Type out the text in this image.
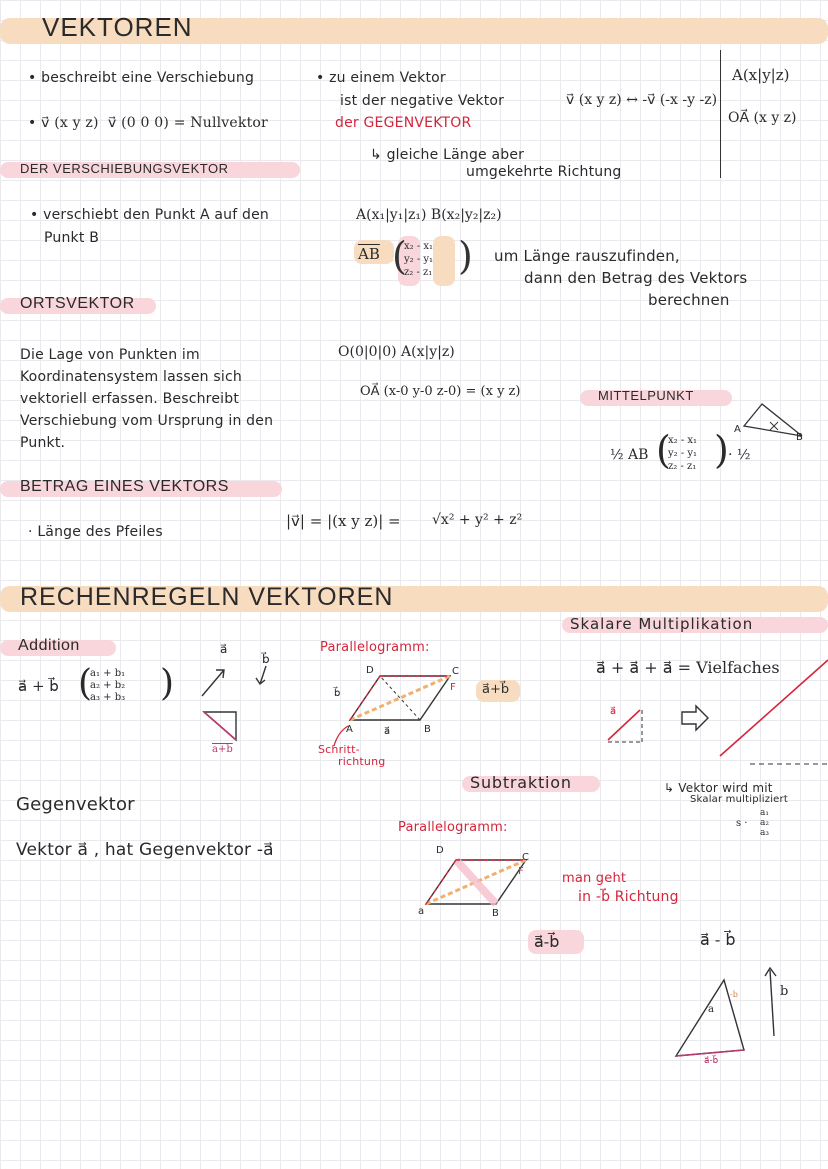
VEKTOREN
• beschreibt eine Verschiebung
• v⃗ (x y z) v⃗ (0 0 0) = Nullvektor
• zu einem Vektor
ist der negative Vektor
der GEGENVEKTOR
v⃗ (x y z) ↔ -v⃗ (-x -y -z)
↳ gleiche Länge aber
umgekehrte Richtung
A(x|y|z)
OA⃗ (x y z)
DER VERSCHIEBUNGSVEKTOR
• verschiebt den Punkt A auf den
Punkt B
A(x₁|y₁|z₁) B(x₂|y₂|z₂)
$\overline{AB}$ ( )
x₂ - x₁
y₂ - y₁
z₂ - z₁
um Länge rauszufinden,
dann den Betrag des Vektors
berechnen
ORTSVEKTOR
Die Lage von Punkten im
Koordinatensystem lassen sich
vektoriell erfassen. Beschreibt
Verschiebung vom Ursprung in den
Punkt.
O(0|0|0) A(x|y|z)
OA⃗ (x-0 y-0 z-0) = (x y z)	MITTELPUNKT
½ AB (
x₂ - x₁
y₂ - y₁
z₂ - z₁ ) · ½
A
B
BETRAG EINES VEKTORS
· Länge des Pfeiles
|v⃗| = |(x y z)| = √x² + y² + z²
RECHENREGELN VEKTOREN
Addition
a⃗ + b⃗ (
a₁ + b₁
a₂ + b₂
a₃ + b₃ )
a⃗
b⃗
a+b
Parallelogramm:
D	C
A	B
F
a⃗
b⃗	a⃗+b⃗
Schritt-
richtung
Skalare Multiplikation
a⃗ + a⃗ + a⃗ = Vielfaches
a⃗
↳ Vektor wird mit
Skalar multipliziert
s ·
a₁
a₂
a₃
Gegenvektor
Vektor a⃗ , hat Gegenvektor -a⃗
Subtraktion
Parallelogramm:
D
C
a	B
F	man geht
in -b⃗ Richtung
a⃗-b⃗	a⃗ - b⃗
a
b
-b
a⃗-b⃗
